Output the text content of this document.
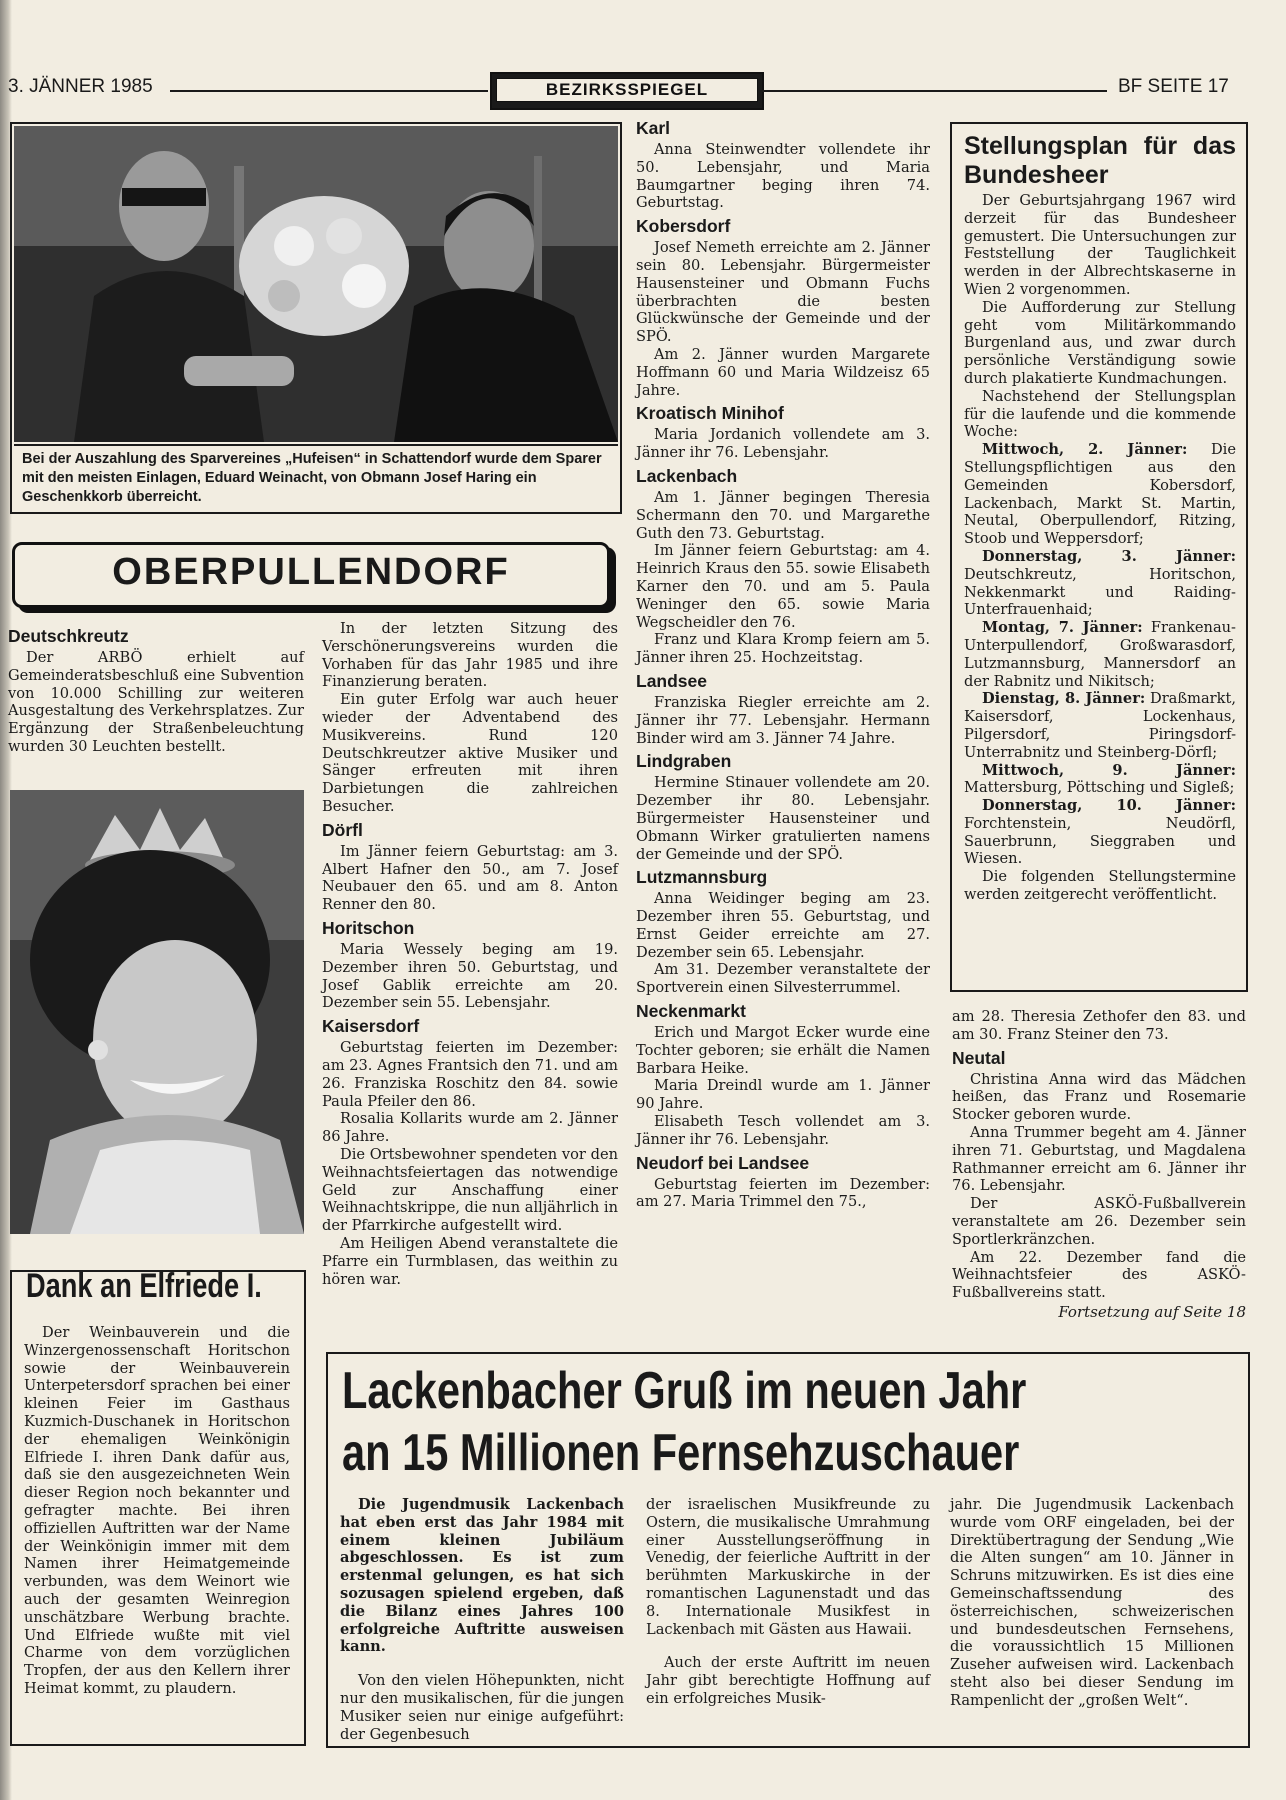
3. JÄNNER 1985	BEZIRKSSPIEGEL	BF SEITE 17
Bei der Auszahlung des Sparvereines „Hufeisen“ in Schattendorf wurde dem Sparer mit den meisten Einlagen, Eduard Weinacht, von Obmann Josef Haring ein Geschenkkorb überreicht.
OBERPULLENDORF
Deutschkreutz

Der ARBÖ erhielt auf Gemeinderatsbeschluß eine Subvention von 10.000 Schilling zur weiteren Ausgestaltung des Verkehrsplatzes. Zur Ergänzung der Straßenbeleuchtung wurden 30 Leuchten bestellt.

Dank an Elfriede I.

Der Weinbauverein und die Winzergenossenschaft Horitschon sowie der Weinbauverein Unterpetersdorf sprachen bei einer kleinen Feier im Gasthaus Kuzmich-Duschanek in Horitschon der ehemaligen Weinkönigin Elfriede I. ihren Dank dafür aus, daß sie den ausgezeichneten Wein dieser Region noch bekannter und gefragter machte. Bei ihren offiziellen Auftritten war der Name der Weinkönigin immer mit dem Namen ihrer Heimatgemeinde verbunden, was dem Weinort wie auch der gesamten Weinregion unschätzbare Werbung brachte. Und Elfriede wußte mit viel Charme von dem vorzüglichen Tropfen, der aus den Kellern ihrer Heimat kommt, zu plaudern.

In der letzten Sitzung des Verschönerungsvereins wurden die Vorhaben für das Jahr 1985 und ihre Finanzierung beraten.

Ein guter Erfolg war auch heuer wieder der Adventabend des Musikvereins. Rund 120 Deutschkreutzer aktive Musiker und Sänger erfreuten mit ihren Darbietungen die zahlreichen Besucher.

Dörfl

Im Jänner feiern Geburtstag: am 3. Albert Hafner den 50., am 7. Josef Neubauer den 65. und am 8. Anton Renner den 80.

Horitschon

Maria Wessely beging am 19. Dezember ihren 50. Geburtstag, und Josef Gablik erreichte am 20. Dezember sein 55. Lebensjahr.

Kaisersdorf

Geburtstag feierten im Dezember: am 23. Agnes Frantsich den 71. und am 26. Franziska Roschitz den 84. sowie Paula Pfeiler den 86.

Rosalia Kollarits wurde am 2. Jänner 86 Jahre.

Die Ortsbewohner spendeten vor den Weihnachtsfeiertagen das notwendige Geld zur Anschaffung einer Weihnachtskrippe, die nun alljährlich in der Pfarrkirche aufgestellt wird.

Am Heiligen Abend veranstaltete die Pfarre ein Turmblasen, das weithin zu hören war.

Karl

Anna Steinwendter vollendete ihr 50. Lebensjahr, und Maria Baumgartner beging ihren 74. Geburtstag.

Kobersdorf

Josef Nemeth erreichte am 2. Jänner sein 80. Lebensjahr. Bürgermeister Hausensteiner und Obmann Fuchs überbrachten die besten Glückwünsche der Gemeinde und der SPÖ.

Am 2. Jänner wurden Margarete Hoffmann 60 und Maria Wildzeisz 65 Jahre.

Kroatisch Minihof

Maria Jordanich vollendete am 3. Jänner ihr 76. Lebensjahr.

Lackenbach

Am 1. Jänner begingen Theresia Schermann den 70. und Margarethe Guth den 73. Geburtstag.

Im Jänner feiern Geburtstag: am 4. Heinrich Kraus den 55. sowie Elisabeth Karner den 70. und am 5. Paula Weninger den 65. sowie Maria Wegscheidler den 76.

Franz und Klara Kromp feiern am 5. Jänner ihren 25. Hochzeitstag.

Landsee

Franziska Riegler erreichte am 2. Jänner ihr 77. Lebensjahr. Hermann Binder wird am 3. Jänner 74 Jahre.

Lindgraben

Hermine Stinauer vollendete am 20. Dezember ihr 80. Lebensjahr. Bürgermeister Hausensteiner und Obmann Wirker gratulierten namens der Gemeinde und der SPÖ.

Lutzmannsburg

Anna Weidinger beging am 23. Dezember ihren 55. Geburtstag, und Ernst Geider erreichte am 27. Dezember sein 65. Lebensjahr.

Am 31. Dezember veranstaltete der Sportverein einen Silvesterrummel.

Neckenmarkt

Erich und Margot Ecker wurde eine Tochter geboren; sie erhält die Namen Barbara Heike.

Maria Dreindl wurde am 1. Jänner 90 Jahre.

Elisabeth Tesch vollendet am 3. Jänner ihr 76. Lebensjahr.

Neudorf bei Landsee

Geburtstag feierten im Dezember: am 27. Maria Trimmel den 75.,

Stellungsplan für das Bundesheer

Der Geburtsjahrgang 1967 wird derzeit für das Bundesheer gemustert. Die Untersuchungen zur Feststellung der Tauglichkeit werden in der Albrechtskaserne in Wien 2 vorgenommen.

Die Aufforderung zur Stellung geht vom Militärkommando Burgenland aus, und zwar durch persönliche Verständigung sowie durch plakatierte Kundmachungen.

Nachstehend der Stellungsplan für die laufende und die kommende Woche:

Mittwoch, 2. Jänner: Die Stellungspflichtigen aus den Gemeinden Kobersdorf, Lackenbach, Markt St. Martin, Neutal, Oberpullendorf, Ritzing, Stoob und Weppersdorf;

Donnerstag, 3. Jänner: Deutschkreutz, Horitschon, Nekkenmarkt und Raiding-Unterfrauenhaid;

Montag, 7. Jänner: Frankenau-Unterpullendorf, Großwarasdorf, Lutzmannsburg, Mannersdorf an der Rabnitz und Nikitsch;

Dienstag, 8. Jänner: Draßmarkt, Kaisersdorf, Lockenhaus, Pilgersdorf, Piringsdorf-Unterrabnitz und Steinberg-Dörfl;

Mittwoch, 9. Jänner: Mattersburg, Pöttsching und Sigleß;

Donnerstag, 10. Jänner: Forchtenstein, Neudörfl, Sauerbrunn, Sieggraben und Wiesen.

Die folgenden Stellungstermine werden zeitgerecht veröffentlicht.

am 28. Theresia Zethofer den 83. und am 30. Franz Steiner den 73.

Neutal

Christina Anna wird das Mädchen heißen, das Franz und Rosemarie Stocker geboren wurde.

Anna Trummer begeht am 4. Jänner ihren 71. Geburtstag, und Magdalena Rathmanner erreicht am 6. Jänner ihr 76. Lebensjahr.

Der ASKÖ-Fußballverein veranstaltete am 26. Dezember sein Sportlerkränzchen.

Am 22. Dezember fand die Weihnachtsfeier des ASKÖ-Fußballvereins statt.

Fortsetzung auf Seite 18
Lackenbacher Gruß im neuen Jahr
an 15 Millionen Fernsehzuschauer

Die Jugendmusik Lackenbach hat eben erst das Jahr 1984 mit einem kleinen Jubiläum abgeschlossen. Es ist zum erstenmal gelungen, es hat sich sozusagen spielend ergeben, daß die Bilanz eines Jahres 100 erfolgreiche Auftritte ausweisen kann.

Von den vielen Höhepunkten, nicht nur den musikalischen, für die jungen Musiker seien nur einige aufgeführt: der Gegenbesuch

der israelischen Musikfreunde zu Ostern, die musikalische Umrahmung einer Ausstellungseröffnung in Venedig, der feierliche Auftritt in der berühmten Markuskirche in der romantischen Lagunenstadt und das 8. Internationale Musikfest in Lackenbach mit Gästen aus Hawaii.

Auch der erste Auftritt im neuen Jahr gibt berechtigte Hoffnung auf ein erfolgreiches Musik-

jahr. Die Jugendmusik Lackenbach wurde vom ORF eingeladen, bei der Direktübertragung der Sendung „Wie die Alten sungen“ am 10. Jänner in Schruns mitzuwirken. Es ist dies eine Gemeinschaftssendung des österreichischen, schweizerischen und bundesdeutschen Fernsehens, die voraussichtlich 15 Millionen Zuseher aufweisen wird. Lackenbach steht also bei dieser Sendung im Rampenlicht der „großen Welt“.
